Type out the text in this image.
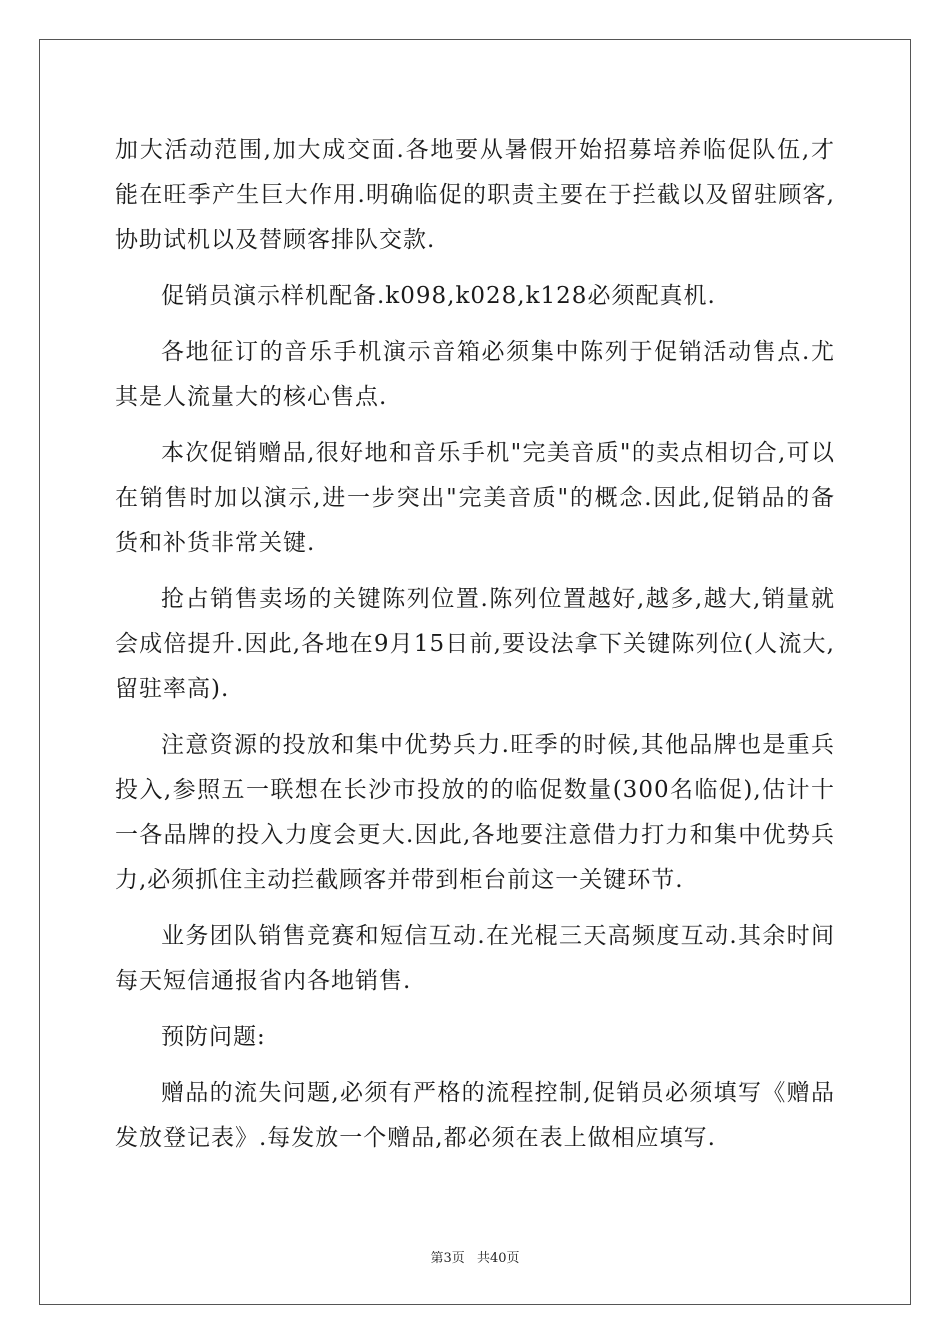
加大活动范围,加大成交面.各地要从暑假开始招募培养临促队伍,才能在旺季产生巨大作用.明确临促的职责主要在于拦截以及留驻顾客,协助试机以及替顾客排队交款.

促销员演示样机配备.k098,k028,k128必须配真机.

各地征订的音乐手机演示音箱必须集中陈列于促销活动售点.尤其是人流量大的核心售点.

本次促销赠品,很好地和音乐手机"完美音质"的卖点相切合,可以在销售时加以演示,进一步突出"完美音质"的概念.因此,促销品的备货和补货非常关键.

抢占销售卖场的关键陈列位置.陈列位置越好,越多,越大,销量就会成倍提升.因此,各地在9月15日前,要设法拿下关键陈列位(人流大,留驻率高).

注意资源的投放和集中优势兵力.旺季的时候,其他品牌也是重兵投入,参照五一联想在长沙市投放的的临促数量(300名临促),估计十一各品牌的投入力度会更大.因此,各地要注意借力打力和集中优势兵力,必须抓住主动拦截顾客并带到柜台前这一关键环节.

业务团队销售竞赛和短信互动.在光棍三天高频度互动.其余时间每天短信通报省内各地销售.

预防问题:

赠品的流失问题,必须有严格的流程控制,促销员必须填写《赠品发放登记表》.每发放一个赠品,都必须在表上做相应填写.

第3页 共40页
